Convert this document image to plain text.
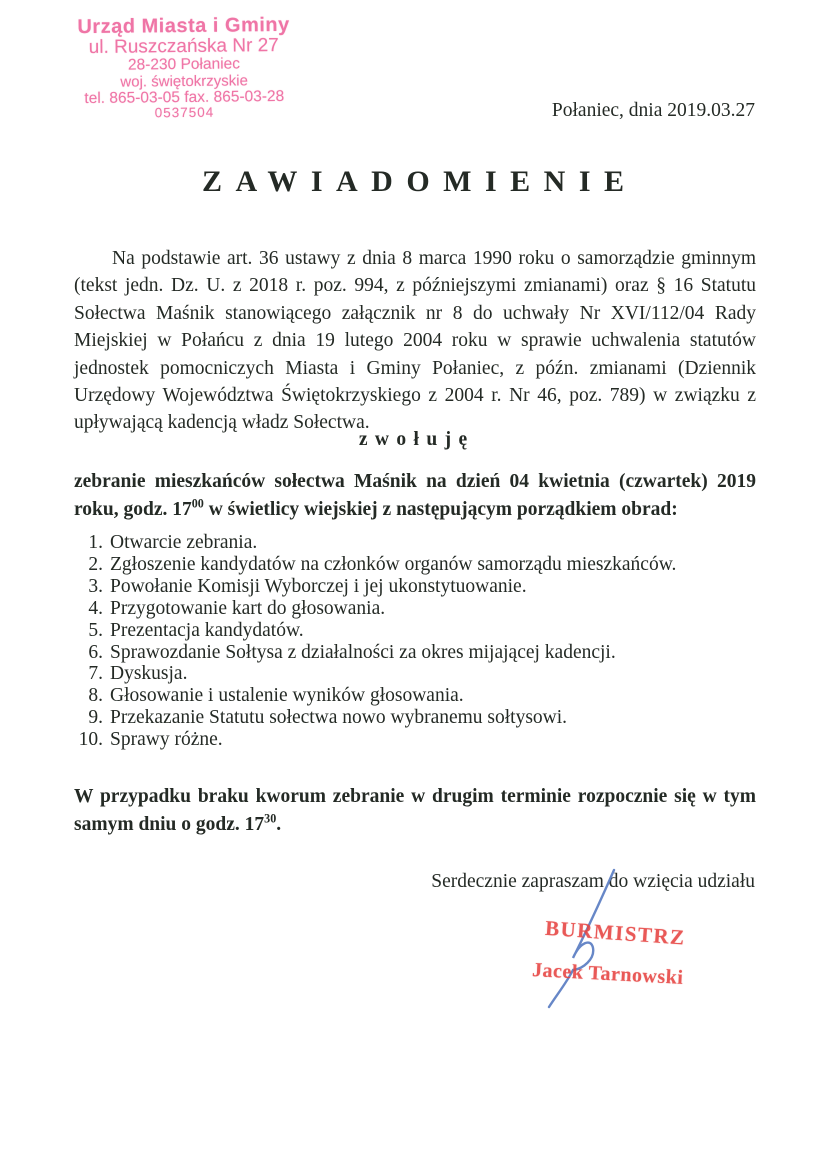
Urząd Miasta i Gminy
ul. Ruszczańska Nr 27
28-230 Połaniec
woj. świętokrzyskie
tel. 865-03-05 fax. 865-03-28
0537504	Połaniec, dnia 2019.03.27
ZAWIADOMIENIE

Na podstawie art. 36 ustawy z dnia 8 marca 1990 roku o samorządzie gminnym (tekst jedn. Dz. U. z 2018 r. poz. 994, z późniejszymi zmianami) oraz § 16 Statutu Sołectwa Maśnik stanowiącego załącznik nr 8 do uchwały Nr XVI/112/04 Rady Miejskiej w Połańcu z dnia 19 lutego 2004 roku w sprawie uchwalenia statutów jednostek pomocniczych Miasta i Gminy Połaniec, z późn. zmianami (Dziennik Urzędowy Województwa Świętokrzyskiego z 2004 r. Nr 46, poz. 789) w związku z upływającą kadencją władz Sołectwa.

zwołuję

zebranie mieszkańców sołectwa Maśnik na dzień 04 kwietnia (czwartek) 2019 roku, godz. $17^{00}$ w świetlicy wiejskiej z następującym porządkiem obrad:

1. Otwarcie zebrania.
2. Zgłoszenie kandydatów na członków organów samorządu mieszkańców.
3. Powołanie Komisji Wyborczej i jej ukonstytuowanie.
4. Przygotowanie kart do głosowania.
5. Prezentacja kandydatów.
6. Sprawozdanie Sołtysa z działalności za okres mijającej kadencji.
7. Dyskusja.
8. Głosowanie i ustalenie wyników głosowania.
9. Przekazanie Statutu sołectwa nowo wybranemu sołtysowi.
10. Sprawy różne.

W przypadku braku kworum zebranie w drugim terminie rozpocznie się w tym samym dniu o godz. $17^{30}$.

Serdecznie zapraszam do wzięcia udziału
BURMISTRZ
Jacek Tarnowski
